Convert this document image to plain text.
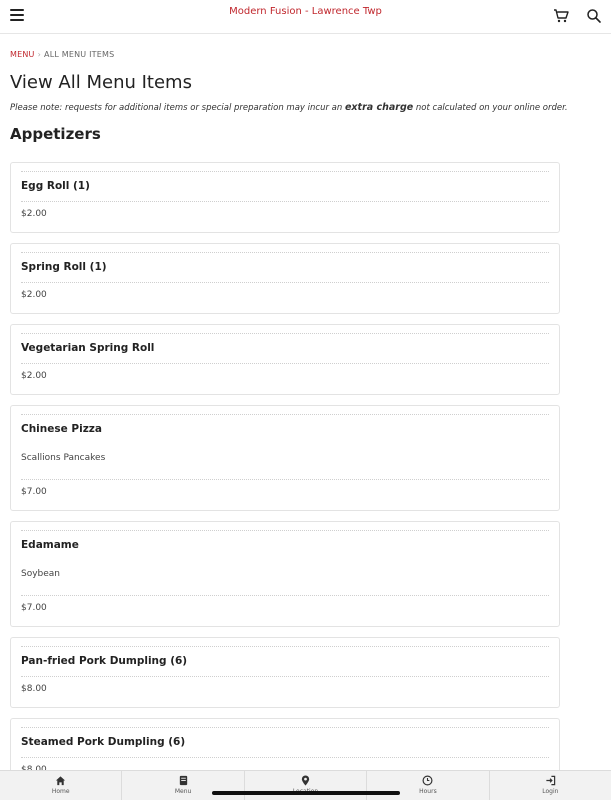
Modern Fusion - Lawrence Twp
MENU › ALL MENU ITEMS
View All Menu Items

Please note: requests for additional items or special preparation may incur an extra charge not calculated on your online order.

Appetizers
Egg Roll (1)
$2.00
Spring Roll (1)
$2.00
Vegetarian Spring Roll
$2.00
Chinese Pizza
Scallions Pancakes
$7.00
Edamame
Soybean
$7.00
Pan-fried Pork Dumpling (6)
$8.00
Steamed Pork Dumpling (6)
Home	Menu	Hours	Login
